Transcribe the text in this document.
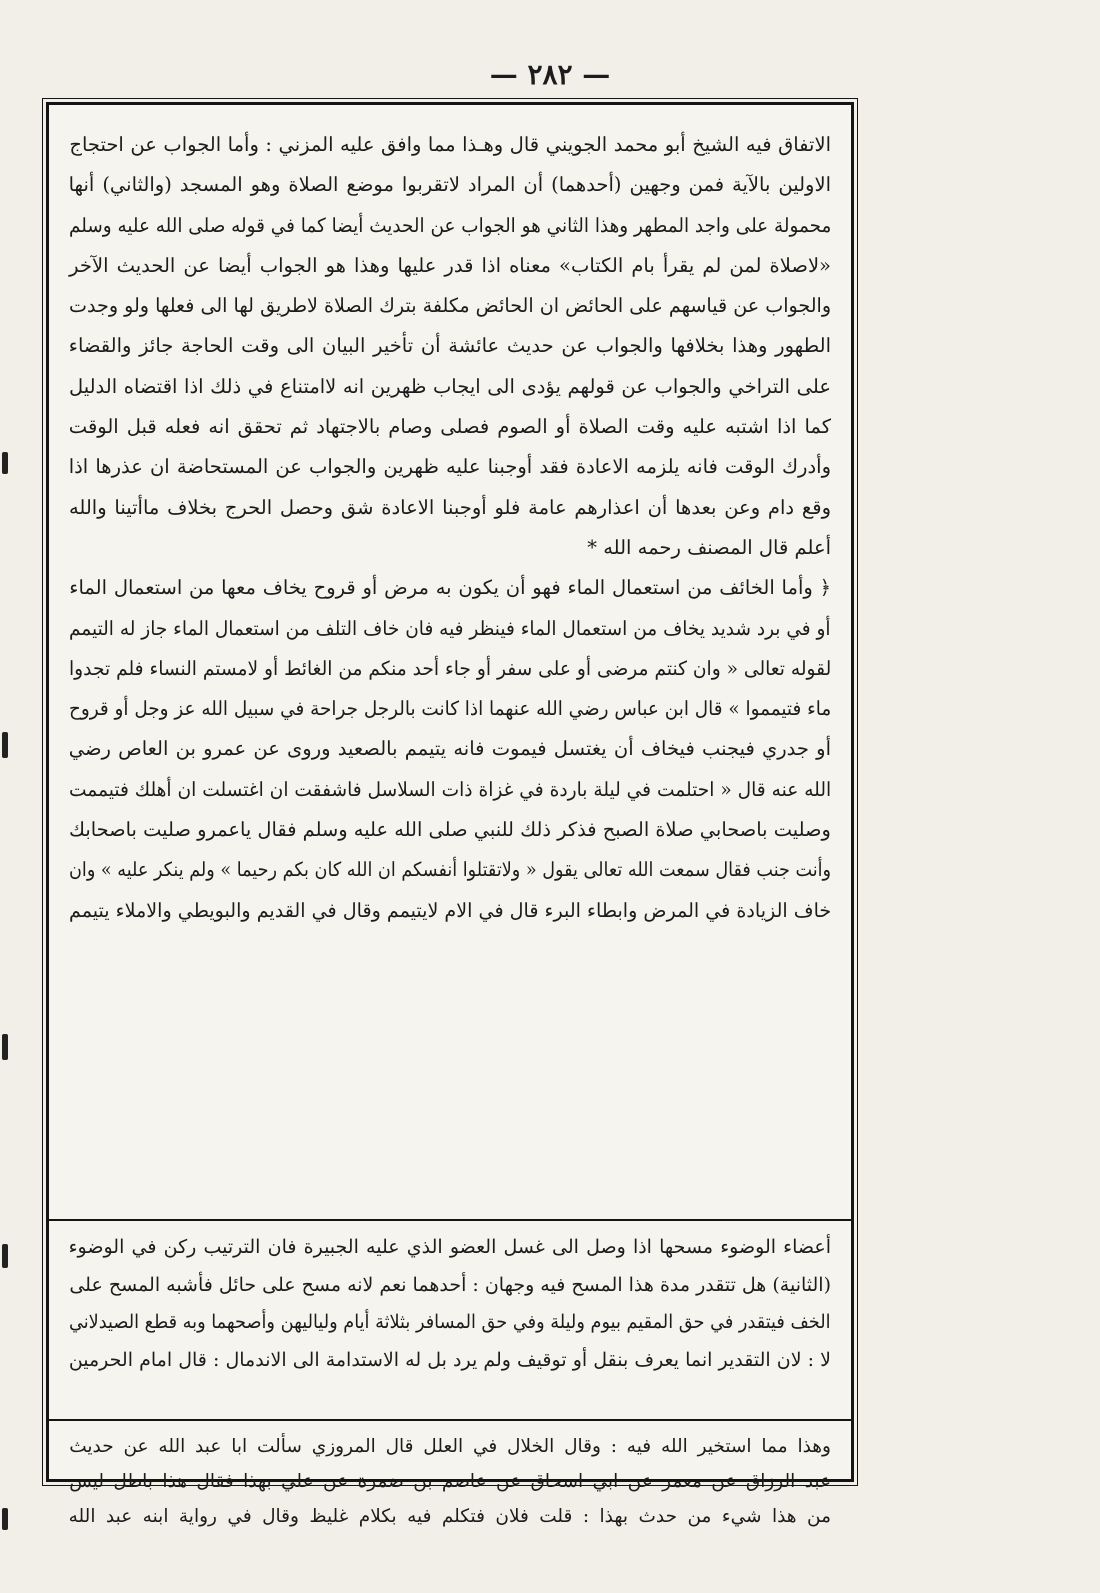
— ٢٨٢ —
الاتفاق فيه الشيخ أبو محمد الجويني قال وهـذا مما وافق عليه المزني : وأما الجواب عن احتجاج
الاولين بالآية فمن وجهين (أحدهما) أن المراد لاتقربوا موضع الصلاة وهو المسجد (والثاني) أنها
محمولة على واجد المطهر وهذا الثاني هو الجواب عن الحديث أيضا كما في قوله صلى الله عليه وسلم
«لاصلاة لمن لم يقرأ بام الكتاب» معناه اذا قدر عليها وهذا هو الجواب أيضا عن الحديث الآخر
والجواب عن قياسهم على الحائض ان الحائض مكلفة بترك الصلاة لاطريق لها الى فعلها ولو وجدت
الطهور وهذا بخلافها والجواب عن حديث عائشة أن تأخير البيان الى وقت الحاجة جائز والقضاء
على التراخي والجواب عن قولهم يؤدى الى ايجاب ظهرين انه لاامتناع في ذلك اذا اقتضاه الدليل
كما اذا اشتبه عليه وقت الصلاة أو الصوم فصلى وصام بالاجتهاد ثم تحقق انه فعله قبل الوقت
وأدرك الوقت فانه يلزمه الاعادة فقد أوجبنا عليه ظهرين والجواب عن المستحاضة ان عذرها اذا
وقع دام وعن بعدها أن اعذارهم عامة فلو أوجبنا الاعادة شق وحصل الحرج بخلاف ماأتينا والله
أعلم قال المصنف رحمه الله *
﴿ وأما الخائف من استعمال الماء فهو أن يكون به مرض أو قروح يخاف معها من استعمال الماء
أو في برد شديد يخاف من استعمال الماء فينظر فيه فان خاف التلف من استعمال الماء جاز له التيمم
لقوله تعالى « وان كنتم مرضى أو على سفر أو جاء أحد منكم من الغائط أو لامستم النساء فلم تجدوا
ماء فتيمموا » قال ابن عباس رضي الله عنهما اذا كانت بالرجل جراحة في سبيل الله عز وجل أو قروح
أو جدري فيجنب فيخاف أن يغتسل فيموت فانه يتيمم بالصعيد وروى عن عمرو بن العاص رضي
الله عنه قال « احتلمت في ليلة باردة في غزاة ذات السلاسل فاشفقت ان اغتسلت ان أهلك فتيممت
وصليت باصحابي صلاة الصبح فذكر ذلك للنبي صلى الله عليه وسلم فقال ياعمرو صليت باصحابك
وأنت جنب فقال سمعت الله تعالى يقول « ولاتقتلوا أنفسكم ان الله كان بكم رحيما » ولم ينكر عليه » وان
خاف الزيادة في المرض وابطاء البرء قال في الام لايتيمم وقال في القديم والبويطي والاملاء يتيمم
أعضاء الوضوء مسحها اذا وصل الى غسل العضو الذي عليه الجبيرة فان الترتيب ركن في الوضوء
(الثانية) هل تتقدر مدة هذا المسح فيه وجهان : أحدهما نعم لانه مسح على حائل فأشبه المسح على
الخف فيتقدر في حق المقيم بيوم وليلة وفي حق المسافر بثلاثة أيام ولياليهن وأصحهما وبه قطع الصيدلاني
لا : لان التقدير انما يعرف بنقل أو توقيف ولم يرد بل له الاستدامة الى الاندمال : قال امام الحرمين
وهذا مما استخير الله فيه : وقال الخلال في العلل قال المروزي سألت ابا عبد الله عن حديث
عبد الرزاق عن معمر عن ابي اسحاق عن عاصم بن ضمرة عن علي بهذا فقال هذا باطل ليس
من هذا شيء من حدث بهذا : قلت فلان فتكلم فيه بكلام غليظ وقال في رواية ابنه عبد الله
